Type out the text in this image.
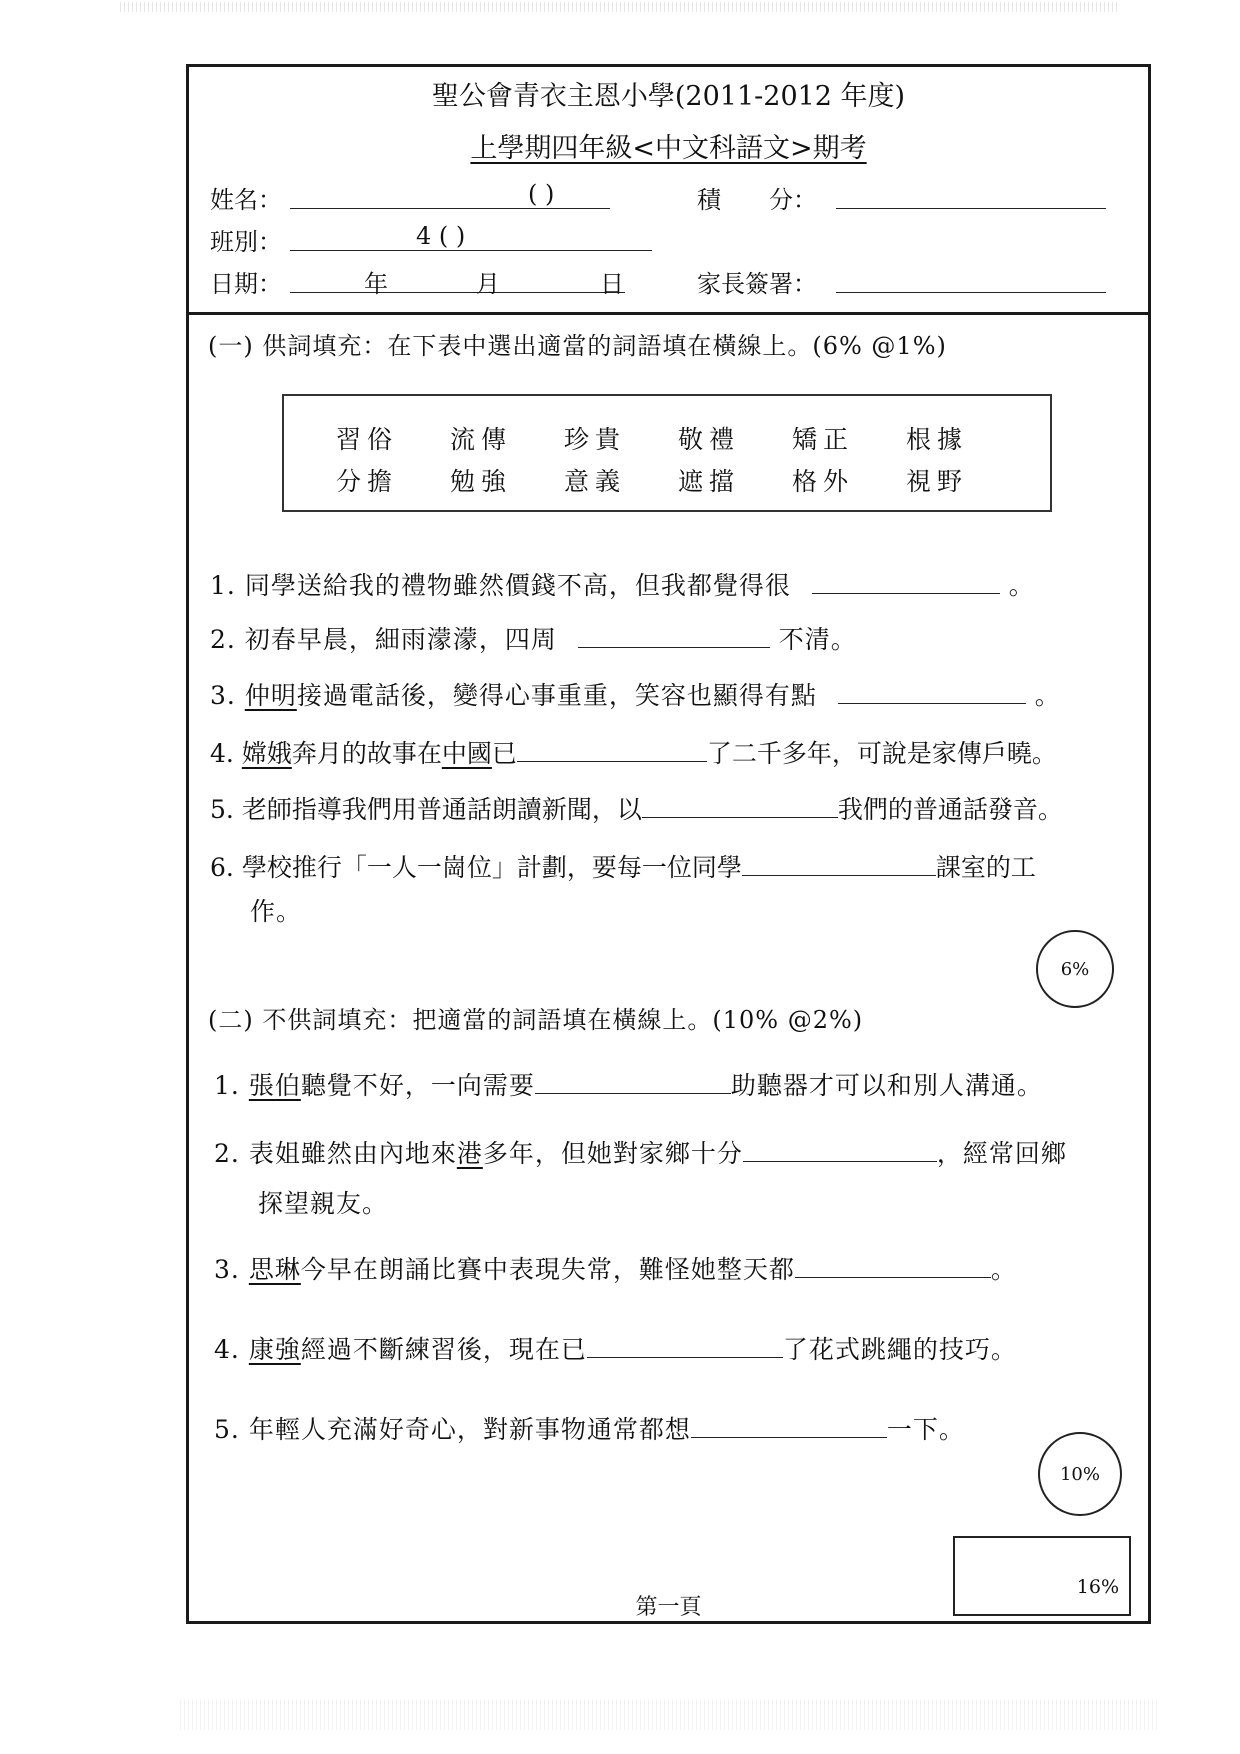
聖公會青衣主恩小學(2011-2012 年度)
上學期四年級<中文科語文>期考
姓名：	( )	積　　分：
班別：	4 ( )
日期：	年	月	日	家長簽署：
(一) 供詞填充：在下表中選出適當的詞語填在橫線上。(6% @1%)
習俗 流傳 珍貴 敬禮 矯正 根據
分擔 勉強 意義 遮擋 格外 視野
1. 同學送給我的禮物雖然價錢不高，但我都覺得很	。
2. 初春早晨，細雨濛濛，四周	不清。
3. 仲明接過電話後，變得心事重重，笑容也顯得有點	。
4. 嫦娥奔月的故事在中國已	了二千多年，可說是家傳戶曉。
5. 老師指導我們用普通話朗讀新聞，以	我們的普通話發音。
6. 學校推行「一人一崗位」計劃，要每一位同學	課室的工
作。
6%
(二) 不供詞填充：把適當的詞語填在橫線上。(10% @2%)
1. 張伯聽覺不好，一向需要	助聽器才可以和別人溝通。
2. 表姐雖然由內地來港多年，但她對家鄉十分	，經常回鄉
探望親友。
3. 思琳今早在朗誦比賽中表現失常，難怪她整天都	。
4. 康強經過不斷練習後，現在已	了花式跳繩的技巧。
5. 年輕人充滿好奇心，對新事物通常都想	一下。
10%
16%
第一頁
